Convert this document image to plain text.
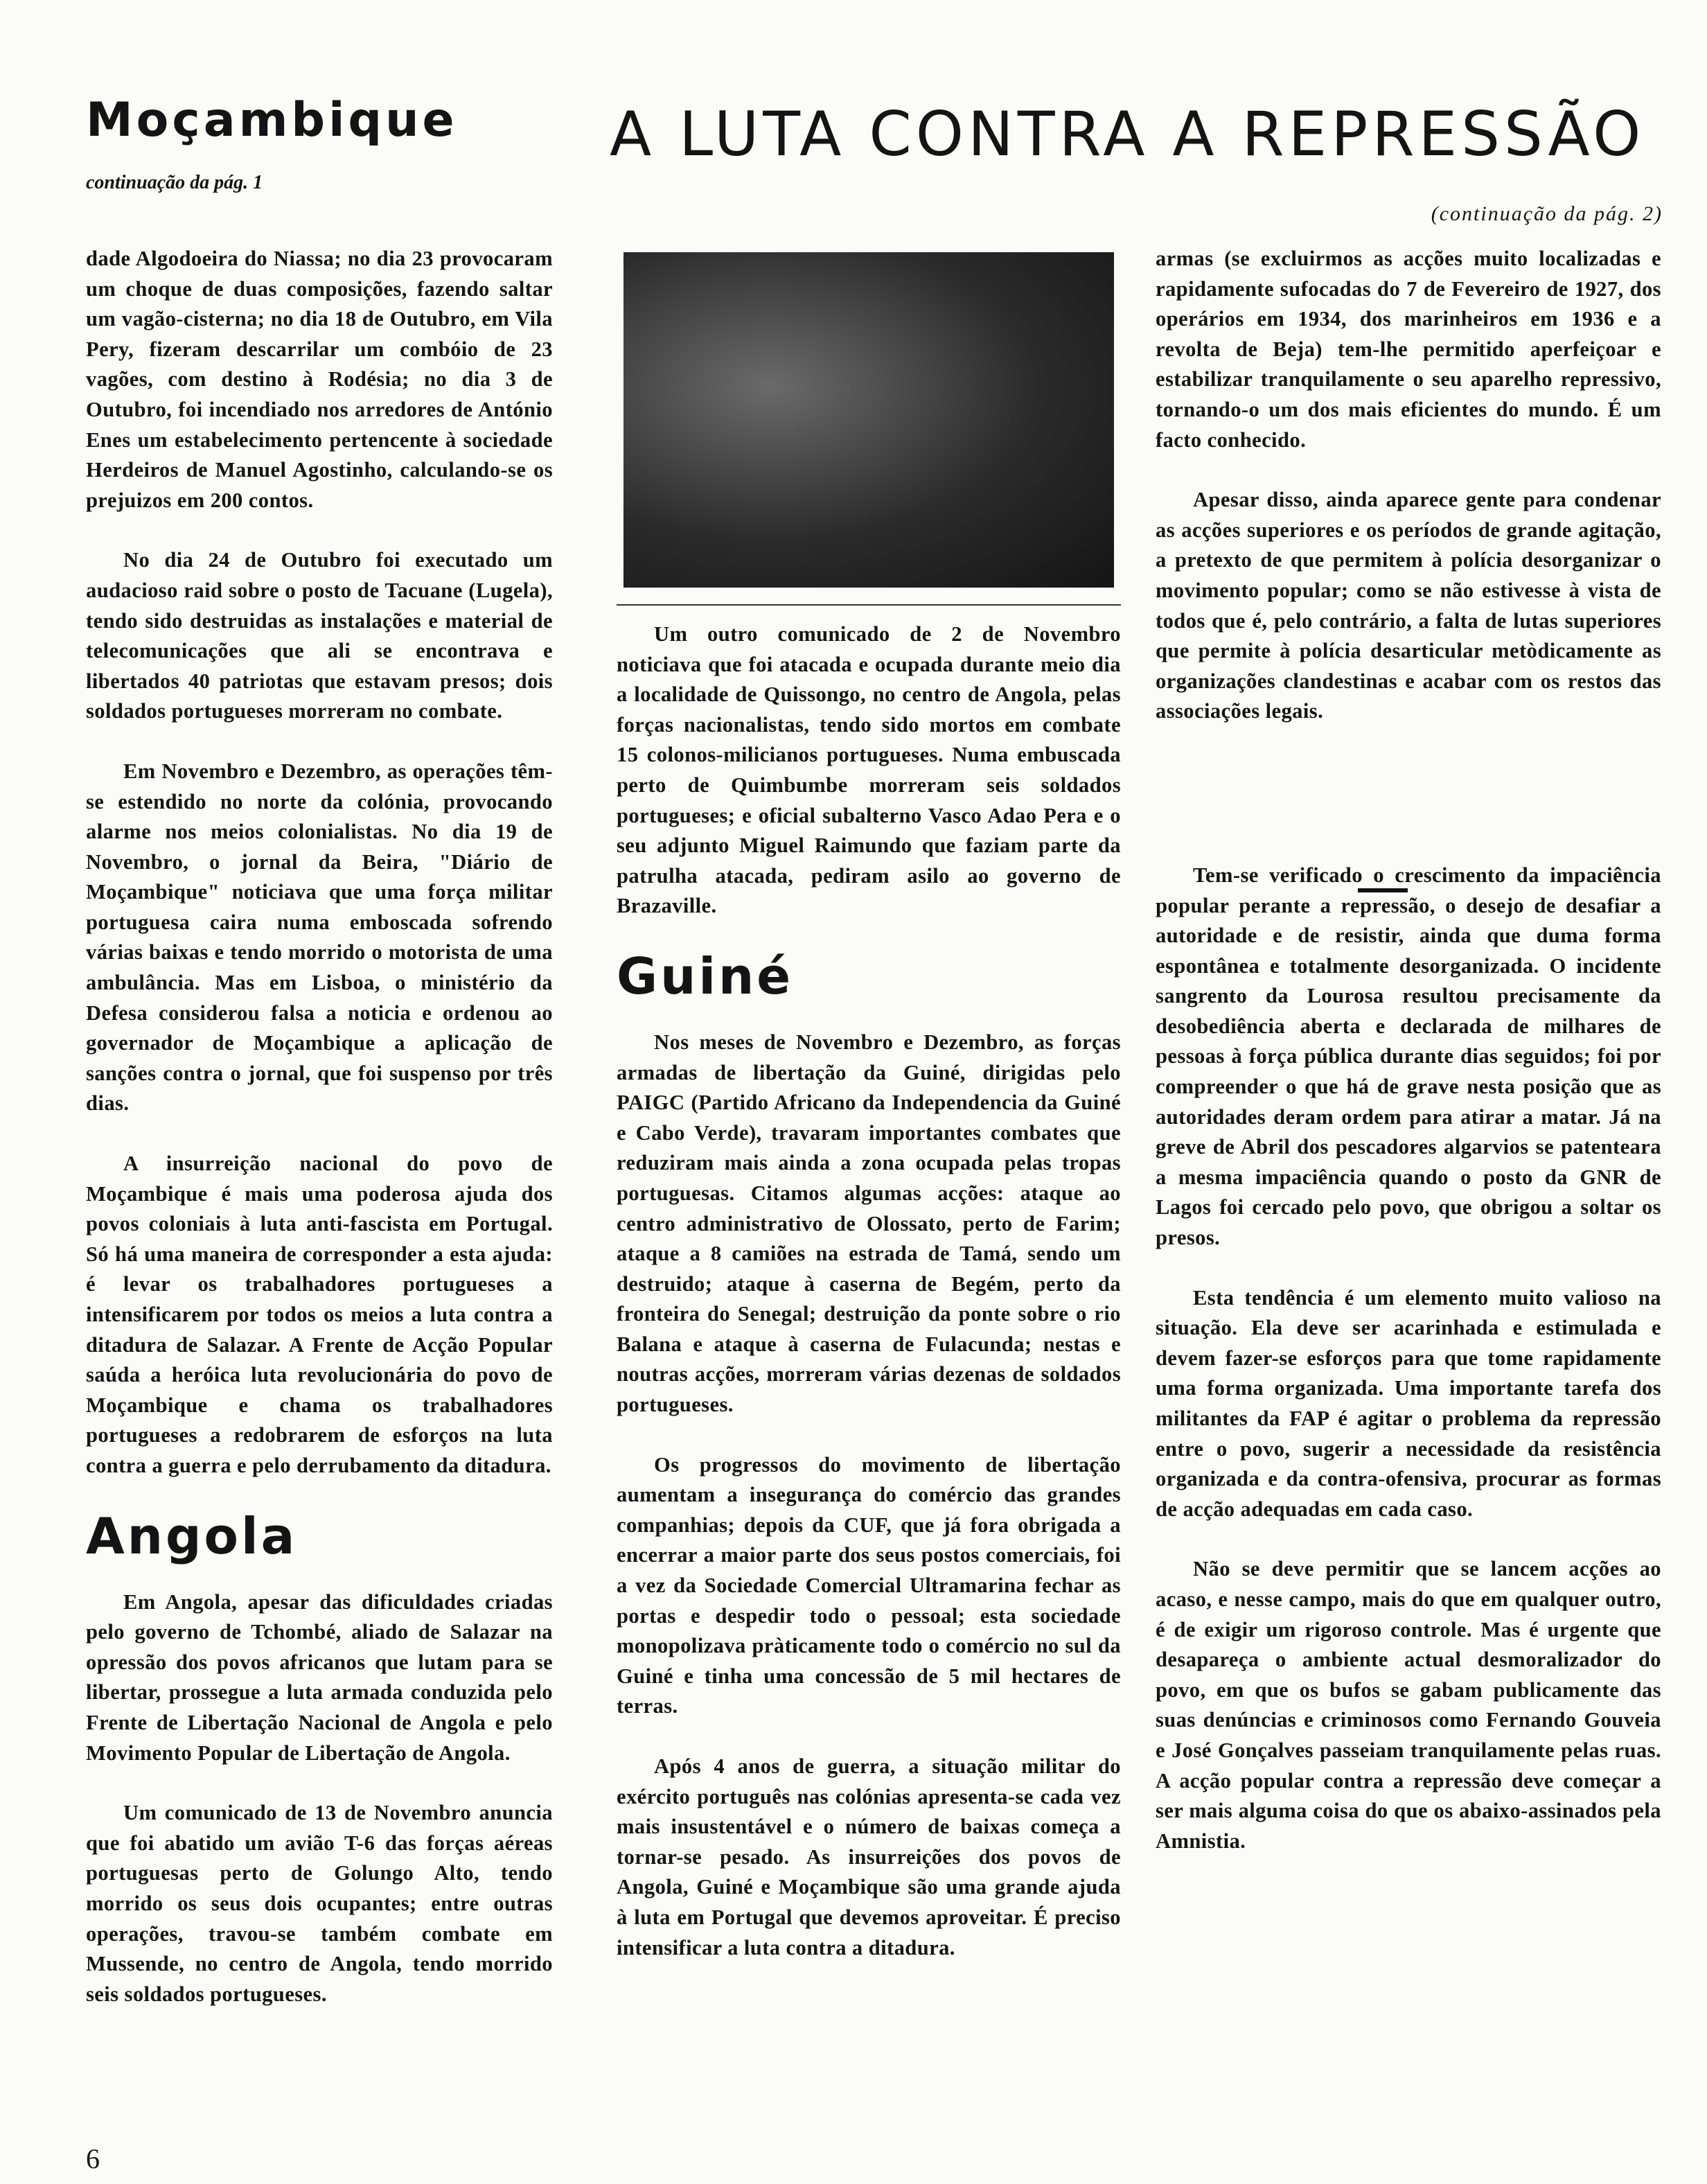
Moçambique
continuação da pág. 1
A LUTA CONTRA A REPRESSÃO
(continuação da pág. 2)

dade Algodoeira do Niassa; no dia 23 provocaram um choque de duas composições, fazendo saltar um vagão-cisterna; no dia 18 de Outubro, em Vila Pery, fizeram descarrilar um combóio de 23 vagões, com destino à Rodésia; no dia 3 de Outubro, foi incendiado nos arredores de António Enes um estabelecimento pertencente à sociedade Herdeiros de Manuel Agostinho, calculando-se os prejuizos em 200 contos.

No dia 24 de Outubro foi executado um audacioso raid sobre o posto de Tacuane (Lugela), tendo sido destruidas as instalações e material de telecomunicações que ali se encontrava e libertados 40 patriotas que estavam presos; dois soldados portugueses morreram no combate.

Em Novembro e Dezembro, as operações têm-se estendido no norte da colónia, provocando alarme nos meios colonialistas. No dia 19 de Novembro, o jornal da Beira, "Diário de Moçambique" noticiava que uma força militar portuguesa caira numa emboscada sofrendo várias baixas e tendo morrido o motorista de uma ambulância. Mas em Lisboa, o ministério da Defesa considerou falsa a noticia e ordenou ao governador de Moçambique a aplicação de sanções contra o jornal, que foi suspenso por três dias.

A insurreição nacional do povo de Moçambique é mais uma poderosa ajuda dos povos coloniais à luta anti-fascista em Portugal. Só há uma maneira de corresponder a esta ajuda: é levar os trabalhadores portugueses a intensificarem por todos os meios a luta contra a ditadura de Salazar. A Frente de Acção Popular saúda a heróica luta revolucionária do povo de Moçambique e chama os trabalhadores portugueses a redobrarem de esforços na luta contra a guerra e pelo derrubamento da ditadura.

Angola

Em Angola, apesar das dificuldades criadas pelo governo de Tchombé, aliado de Salazar na opressão dos povos africanos que lutam para se libertar, prossegue a luta armada conduzida pelo Frente de Libertação Nacional de Angola e pelo Movimento Popular de Libertação de Angola.

Um comunicado de 13 de Novembro anuncia que foi abatido um avião T-6 das forças aéreas portuguesas perto de Golungo Alto, tendo morrido os seus dois ocupantes; entre outras operações, travou-se também combate em Mussende, no centro de Angola, tendo morrido seis soldados portugueses.

Um outro comunicado de 2 de Novembro noticiava que foi atacada e ocupada durante meio dia a localidade de Quissongo, no centro de Angola, pelas forças nacionalistas, tendo sido mortos em combate 15 colonos-milicianos portugueses. Numa embuscada perto de Quimbumbe morreram seis soldados portugueses; e oficial subalterno Vasco Adao Pera e o seu adjunto Miguel Raimundo que faziam parte da patrulha atacada, pediram asilo ao governo de Brazaville.

Guiné

Nos meses de Novembro e Dezembro, as forças armadas de libertação da Guiné, dirigidas pelo PAIGC (Partido Africano da Independencia da Guiné e Cabo Verde), travaram importantes combates que reduziram mais ainda a zona ocupada pelas tropas portuguesas. Citamos algumas acções: ataque ao centro administrativo de Olossato, perto de Farim; ataque a 8 camiões na estrada de Tamá, sendo um destruido; ataque à caserna de Begém, perto da fronteira do Senegal; destruição da ponte sobre o rio Balana e ataque à caserna de Fulacunda; nestas e noutras acções, morreram várias dezenas de soldados portugueses.

Os progressos do movimento de libertação aumentam a insegurança do comércio das grandes companhias; depois da CUF, que já fora obrigada a encerrar a maior parte dos seus postos comerciais, foi a vez da Sociedade Comercial Ultramarina fechar as portas e despedir todo o pessoal; esta sociedade monopolizava pràticamente todo o comércio no sul da Guiné e tinha uma concessão de 5 mil hectares de terras.

Após 4 anos de guerra, a situação militar do exército português nas colónias apresenta-se cada vez mais insustentável e o número de baixas começa a tornar-se pesado. As insurreições dos povos de Angola, Guiné e Moçambique são uma grande ajuda à luta em Portugal que devemos aproveitar. É preciso intensificar a luta contra a ditadura.

armas (se excluirmos as acções muito localizadas e rapidamente sufocadas do 7 de Fevereiro de 1927, dos operários em 1934, dos marinheiros em 1936 e a revolta de Beja) tem-lhe permitido aperfeiçoar e estabilizar tranquilamente o seu aparelho repressivo, tornando-o um dos mais eficientes do mundo. É um facto conhecido.

Apesar disso, ainda aparece gente para condenar as acções superiores e os períodos de grande agitação, a pretexto de que permitem à polícia desorganizar o movimento popular; como se não estivesse à vista de todos que é, pelo contrário, a falta de lutas superiores que permite à polícia desarticular metòdicamente as organizações clandestinas e acabar com os restos das associações legais.

Tem-se verificado o crescimento da impaciência popular perante a repressão, o desejo de desafiar a autoridade e de resistir, ainda que duma forma espontânea e totalmente desorganizada. O incidente sangrento da Lourosa resultou precisamente da desobediência aberta e declarada de milhares de pessoas à força pública durante dias seguidos; foi por compreender o que há de grave nesta posição que as autoridades deram ordem para atirar a matar. Já na greve de Abril dos pescadores algarvios se patenteara a mesma impaciência quando o posto da GNR de Lagos foi cercado pelo povo, que obrigou a soltar os presos.

Esta tendência é um elemento muito valioso na situação. Ela deve ser acarinhada e estimulada e devem fazer-se esforços para que tome rapidamente uma forma organizada. Uma importante tarefa dos militantes da FAP é agitar o problema da repressão entre o povo, sugerir a necessidade da resistência organizada e da contra-ofensiva, procurar as formas de acção adequadas em cada caso.

Não se deve permitir que se lancem acções ao acaso, e nesse campo, mais do que em qualquer outro, é de exigir um rigoroso controle. Mas é urgente que desapareça o ambiente actual desmoralizador do povo, em que os bufos se gabam publicamente das suas denúncias e criminosos como Fernando Gouveia e José Gonçalves passeiam tranquilamente pelas ruas. A acção popular contra a repressão deve começar a ser mais alguma coisa do que os abaixo-assinados pela Amnistia.

6
